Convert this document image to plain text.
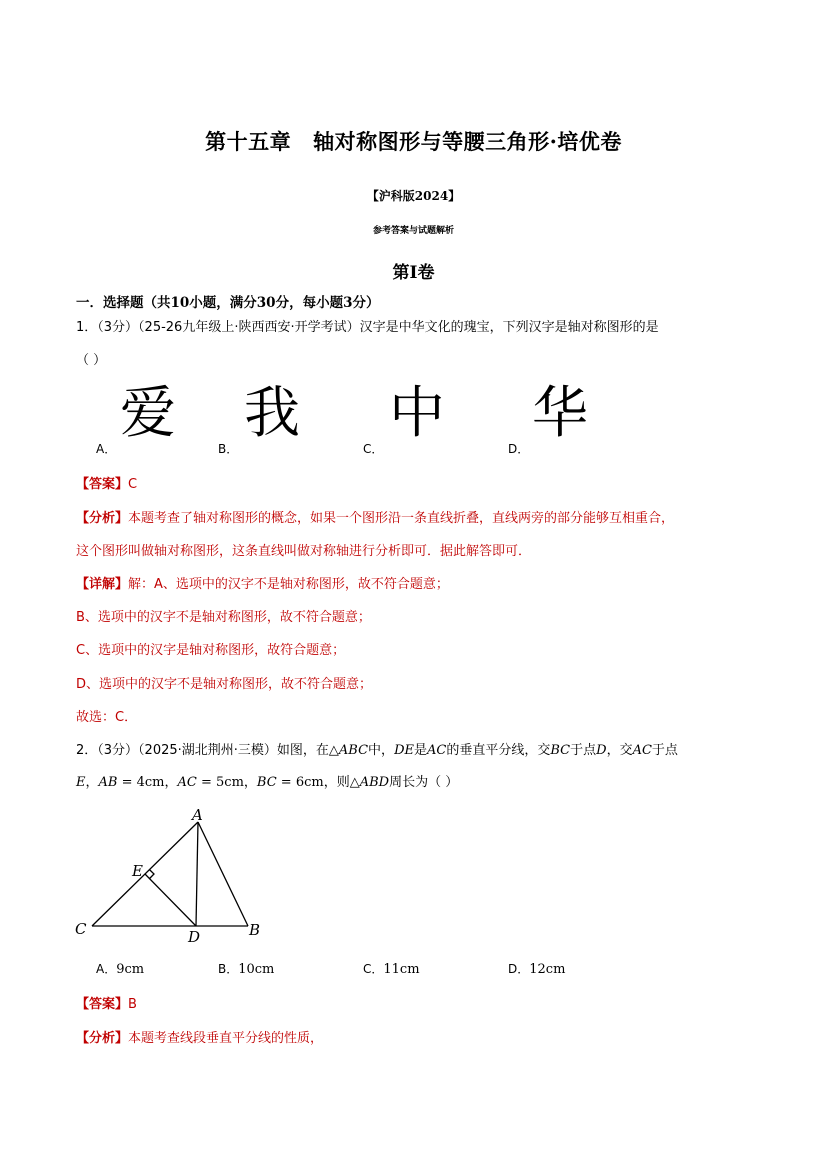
第十五章 轴对称图形与等腰三角形·培优卷
【沪科版2024】
参考答案与试题解析
第I卷
一．选择题（共10小题，满分30分，每小题3分）
1．（3分）（25-26九年级上·陕西西安·开学考试）汉字是中华文化的瑰宝，下列汉字是轴对称图形的是
（ ）
A．
爱
B．
我
C．
中
D．
华
【答案】C
【分析】本题考查了轴对称图形的概念，如果一个图形沿一条直线折叠，直线两旁的部分能够互相重合，
这个图形叫做轴对称图形，这条直线叫做对称轴进行分析即可．据此解答即可．
【详解】解：A、选项中的汉字不是轴对称图形，故不符合题意；
B、选项中的汉字不是轴对称图形，故不符合题意；
C、选项中的汉字是轴对称图形，故符合题意；
D、选项中的汉字不是轴对称图形，故不符合题意；
故选：C．
2．（3分）（2025·湖北荆州·三模）如图，在△ABC中，DE是AC的垂直平分线，交BC于点D，交AC于点
E，AB = 4cm，AC = 5cm，BC = 6cm，则△ABD周长为（ ）
A
B
C	D
E
A．9cm	B．10cm	C．11cm	D．12cm
【答案】B
【分析】本题考查线段垂直平分线的性质，
